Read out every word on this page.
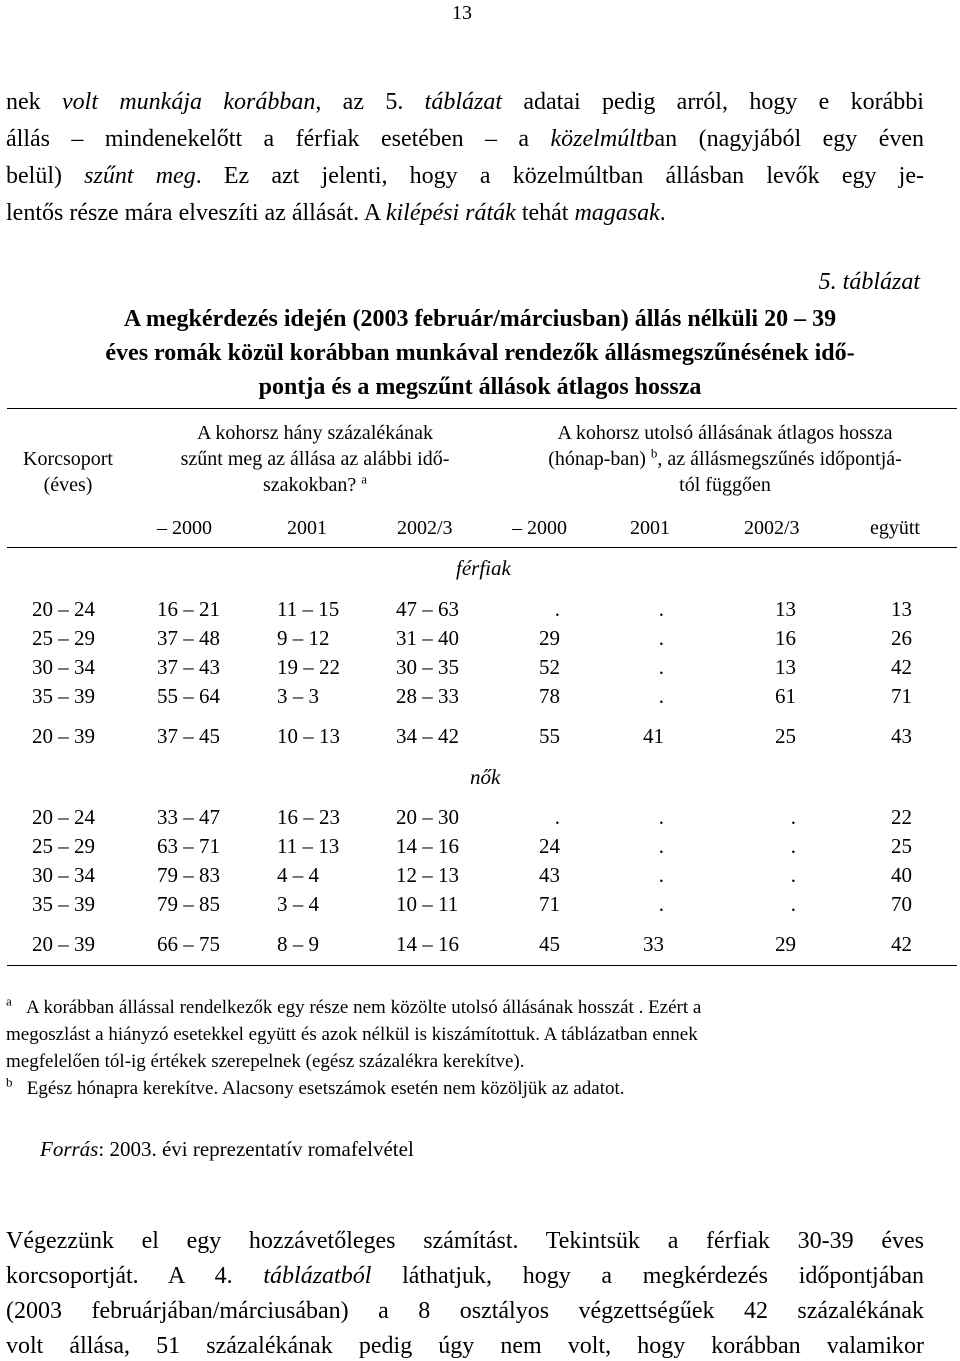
13
nek volt munkája korábban, az 5. táblázat adatai pedig arról, hogy e korábbi
állás – mindenekelőtt a férfiak esetében – a közelmúltban (nagyjából egy éven
belül) szűnt meg. Ez azt jelenti, hogy a közelmúltban állásban levők egy je-
lentős része mára elveszíti az állását. A kilépési ráták tehát magasak.
5. táblázat
A megkérdezés idején (2003 február/márciusban) állás nélküli 20 – 39
éves romák közül korábban munkával rendezők állásmegszűnésének idő-
pontja és a megszűnt állások átlagos hossza
Korcsoport
(éves)
A kohorsz hány százalékának
szűnt meg az állása az alábbi idő-
szakokban? $^a$
A kohorsz utolsó állásának átlagos hossza
(hónap-ban) $^b$, az állásmegszűnés időpontjá-
tól függően
– 2000	2001	2002/3	– 2000	2001	2002/3	együtt
férfiak
20 – 24	16 – 21	11 – 15	47 – 63	.	.	13	13
25 – 29	37 – 48	9 – 12	31 – 40	29	.	16	26
30 – 34	37 – 43	19 – 22	30 – 35	52	.	13	42
35 – 39	55 – 64	3 – 3	28 – 33	78	.	61	71
20 – 39	37 – 45	10 – 13	34 – 42	55	41	25	43
nők
20 – 24	33 – 47	16 – 23	20 – 30	.	.	.	22
25 – 29	63 – 71	11 – 13	14 – 16	24	.	.	25
30 – 34	79 – 83	4 – 4	12 – 13	43	.	.	40
35 – 39	79 – 85	3 – 4	10 – 11	71	.	.	70
20 – 39	66 – 75	8 – 9	14 – 16	45	33	29	42
$^a$ A korábban állással rendelkezők egy része nem közölte utolsó állásának hosszát . Ezért a
megoszlást a hiányzó esetekkel együtt és azok nélkül is kiszámítottuk. A táblázatban ennek
megfelelően tól-ig értékek szerepelnek (egész százalékra kerekítve).
$^b$ Egész hónapra kerekítve. Alacsony esetszámok esetén nem közöljük az adatot.
Forrás: 2003. évi reprezentatív romafelvétel
Végezzünk el egy hozzávetőleges számítást. Tekintsük a férfiak 30-39 éves
korcsoportját. A 4. táblázatból láthatjuk, hogy a megkérdezés időpontjában
(2003 februárjában/márciusában) a 8 osztályos végzettségűek 42 százalékának
volt állása, 51 százalékának pedig úgy nem volt, hogy korábban valamikor
